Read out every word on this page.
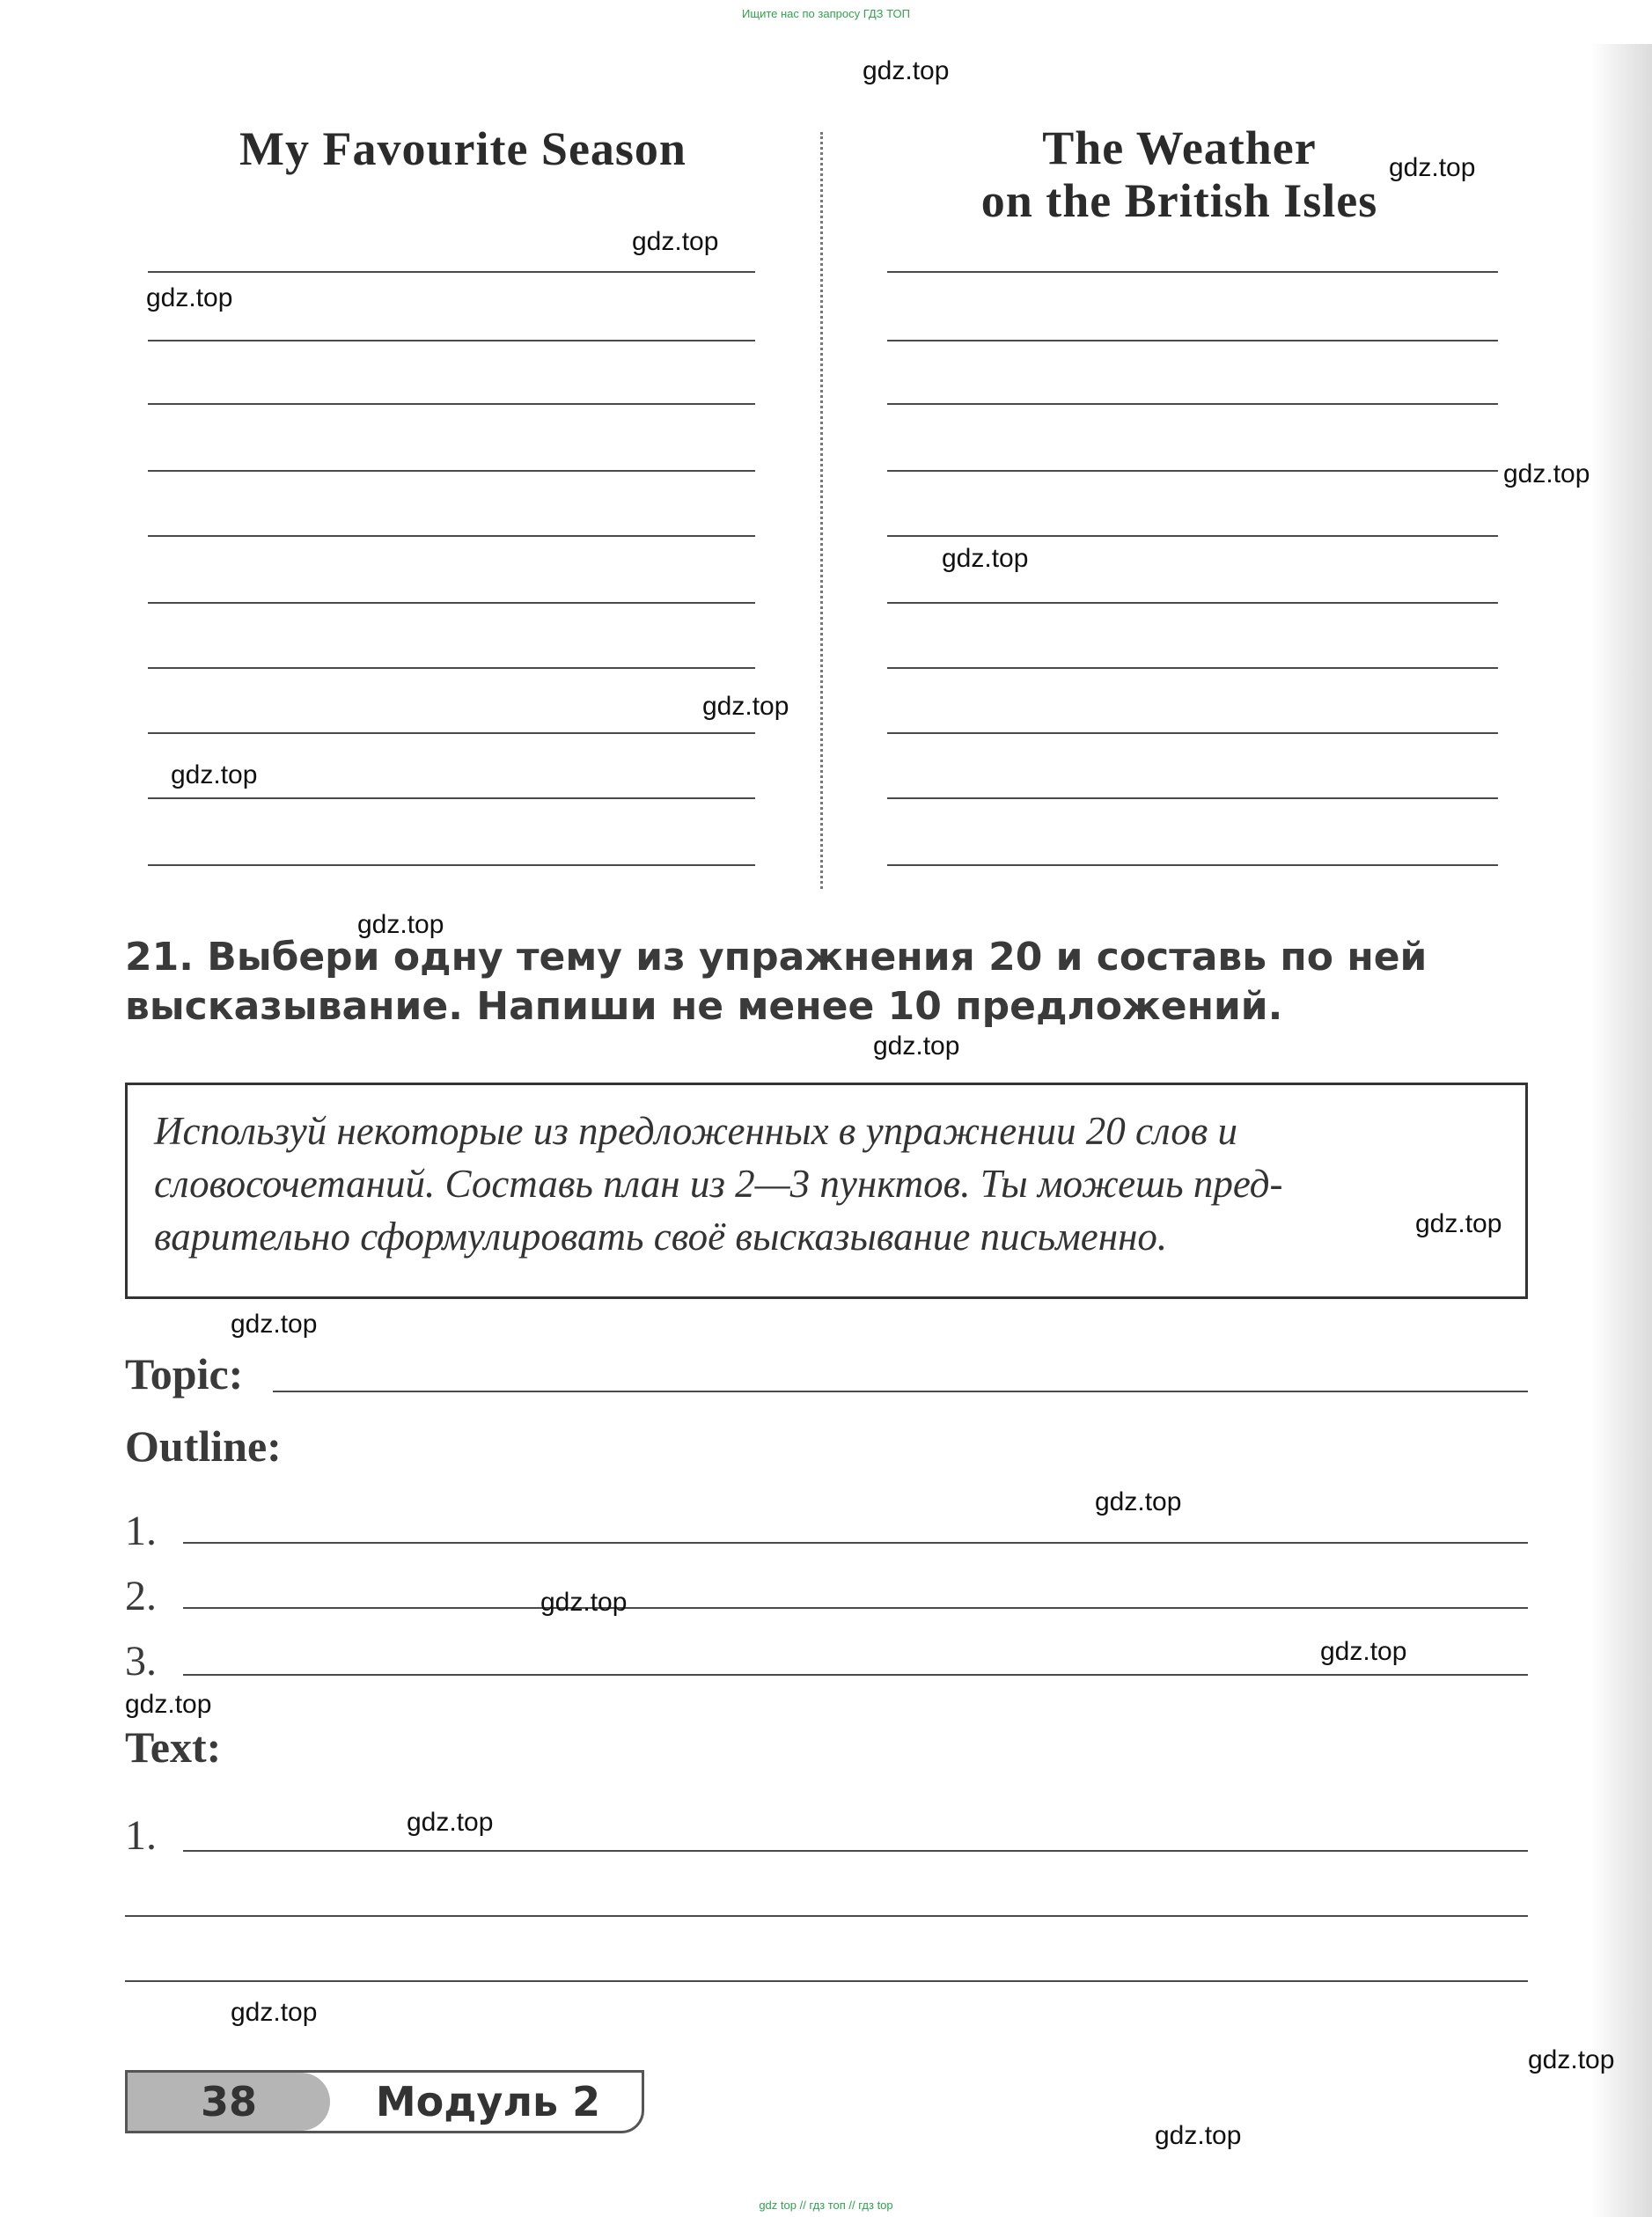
Ищите нас по запросу ГДЗ ТОП
My Favourite Season	The Weather
on the British Isles
21. Выбери одну тему из упражнения 20 и составь по ней
высказывание. Напиши не менее 10 предложений.

Используй некоторые из предложенных в упражнении 20 слов и

словосочетаний. Составь план из 2—3 пунктов. Ты можешь пред-

варительно сформулировать своё высказывание письменно.

Topic:
Outline:
1.
2.
3.
Text:
1.
38	Модуль 2
gdz top // гдз топ // гдз top
gdz.top
gdz.top
gdz.top
gdz.top
gdz.top
gdz.top
gdz.top
gdz.top
gdz.top
gdz.top
gdz.top
gdz.top
gdz.top
gdz.top
gdz.top
gdz.top
gdz.top
gdz.top
gdz.top
gdz.top
